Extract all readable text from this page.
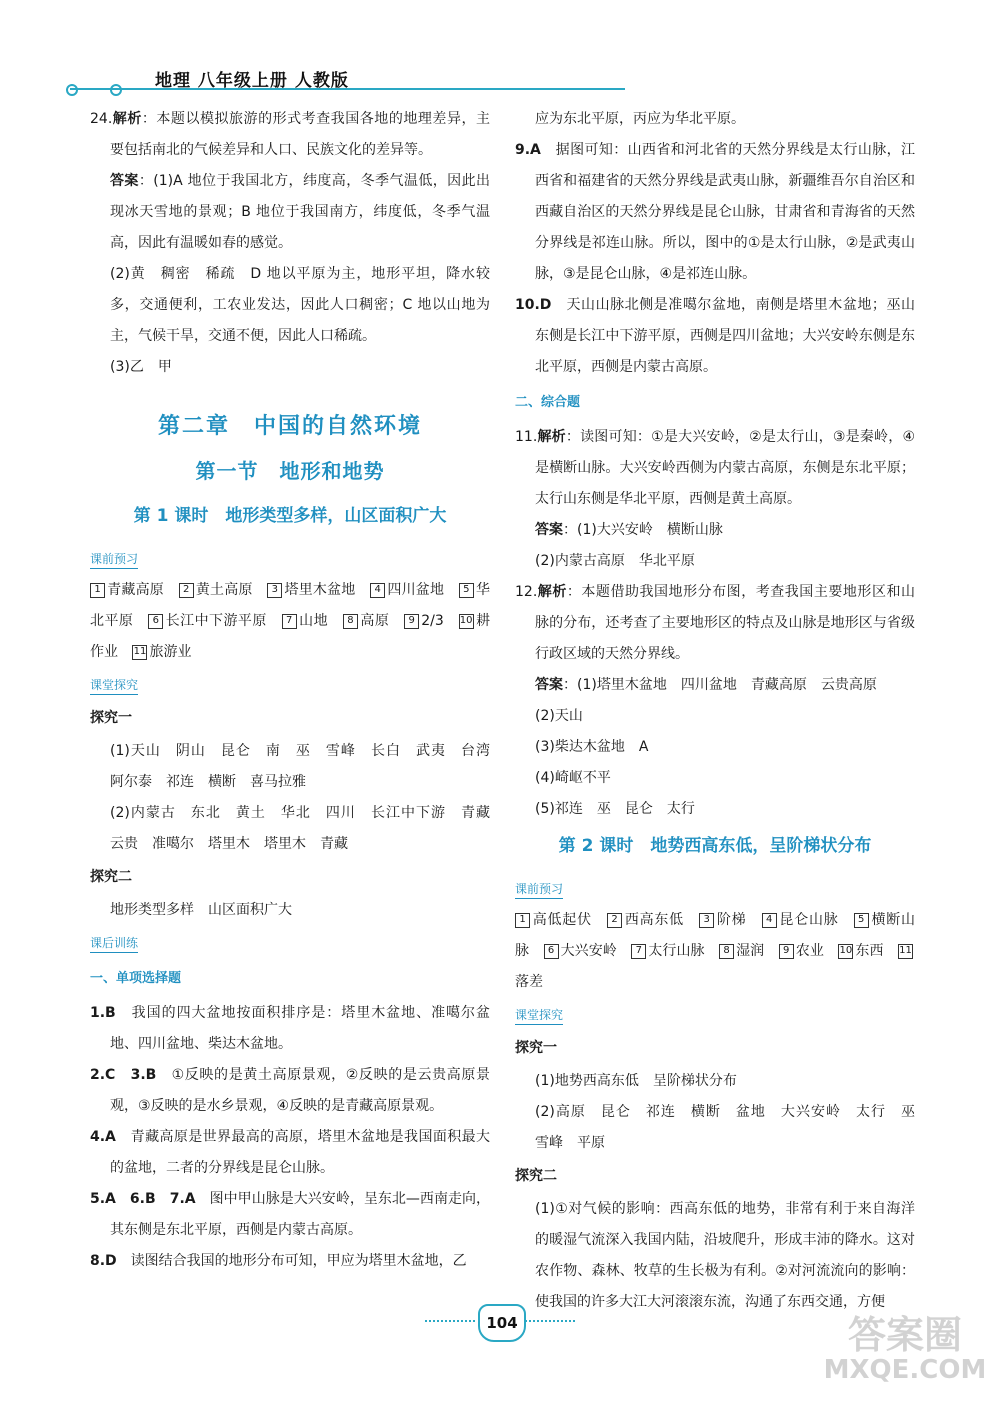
地理 八年级上册 人教版

24.解析：本题以模拟旅游的形式考查我国各地的地理差异，主要包括南北的气候差异和人口、民族文化的差异等。

答案：(1)A 地位于我国北方，纬度高，冬季气温低，因此出现冰天雪地的景观；B 地位于我国南方，纬度低，冬季气温高，因此有温暖如春的感觉。

(2)黄　稠密　稀疏　D 地以平原为主，地形平坦，降水较多，交通便利，工农业发达，因此人口稠密；C 地以山地为主，气候干旱，交通不便，因此人口稀疏。

(3)乙　甲

第二章　中国的自然环境
第一节　地形和地势
第 1 课时　地形类型多样，山区面积广大
课前预习

1 青藏高原 2 黄土高原 3 塔里木盆地 4 四川盆地 5 华北平原 6 长江中下游平原 7 山地 8 高原 9 2/3 10 耕作业 11 旅游业

课堂探究

探究一

(1)天山　阴山　昆仑　南　巫　雪峰　长白　武夷　台湾　阿尔泰　祁连　横断　喜马拉雅

(2)内蒙古　东北　黄土　华北　四川　长江中下游　青藏　云贵　准噶尔　塔里木　塔里木　青藏

探究二

地形类型多样　山区面积广大

课后训练

一、单项选择题

1.B　我国的四大盆地按面积排序是：塔里木盆地、准噶尔盆地、四川盆地、柴达木盆地。

2.C　3.B　①反映的是黄土高原景观，②反映的是云贵高原景观，③反映的是水乡景观，④反映的是青藏高原景观。

4.A　青藏高原是世界最高的高原，塔里木盆地是我国面积最大的盆地，二者的分界线是昆仑山脉。

5.A　6.B　7.A　图中甲山脉是大兴安岭，呈东北—西南走向，其东侧是东北平原，西侧是内蒙古高原。

8.D　读图结合我国的地形分布可知，甲应为塔里木盆地，乙

应为东北平原，丙应为华北平原。

9.A　据图可知：山西省和河北省的天然分界线是太行山脉，江西省和福建省的天然分界线是武夷山脉，新疆维吾尔自治区和西藏自治区的天然分界线是昆仑山脉，甘肃省和青海省的天然分界线是祁连山脉。所以，图中的①是太行山脉，②是武夷山脉，③是昆仑山脉，④是祁连山脉。

10.D　天山山脉北侧是准噶尔盆地，南侧是塔里木盆地；巫山东侧是长江中下游平原，西侧是四川盆地；大兴安岭东侧是东北平原，西侧是内蒙古高原。

二、综合题

11.解析：读图可知：①是大兴安岭，②是太行山，③是秦岭，④是横断山脉。大兴安岭西侧为内蒙古高原，东侧是东北平原；太行山东侧是华北平原，西侧是黄土高原。

答案：(1)大兴安岭　横断山脉

(2)内蒙古高原　华北平原

12.解析：本题借助我国地形分布图，考查我国主要地形区和山脉的分布，还考查了主要地形区的特点及山脉是地形区与省级行政区域的天然分界线。

答案：(1)塔里木盆地　四川盆地　青藏高原　云贵高原

(2)天山

(3)柴达木盆地　A

(4)崎岖不平

(5)祁连　巫　昆仑　太行

第 2 课时　地势西高东低，呈阶梯状分布
课前预习

1 高低起伏 2 西高东低 3 阶梯 4 昆仑山脉 5 横断山脉 6 大兴安岭 7 太行山脉 8 湿润 9 农业 10 东西 11落差

课堂探究

探究一

(1)地势西高东低　呈阶梯状分布

(2)高原　昆仑　祁连　横断　盆地　大兴安岭　太行　巫　雪峰　平原

探究二

(1)①对气候的影响：西高东低的地势，非常有利于来自海洋的暖湿气流深入我国内陆，沿坡爬升，形成丰沛的降水。这对农作物、森林、牧草的生长极为有利。②对河流流向的影响：使我国的许多大江大河滚滚东流，沟通了东西交通，方便

104	答案圈
MXQE.COM
